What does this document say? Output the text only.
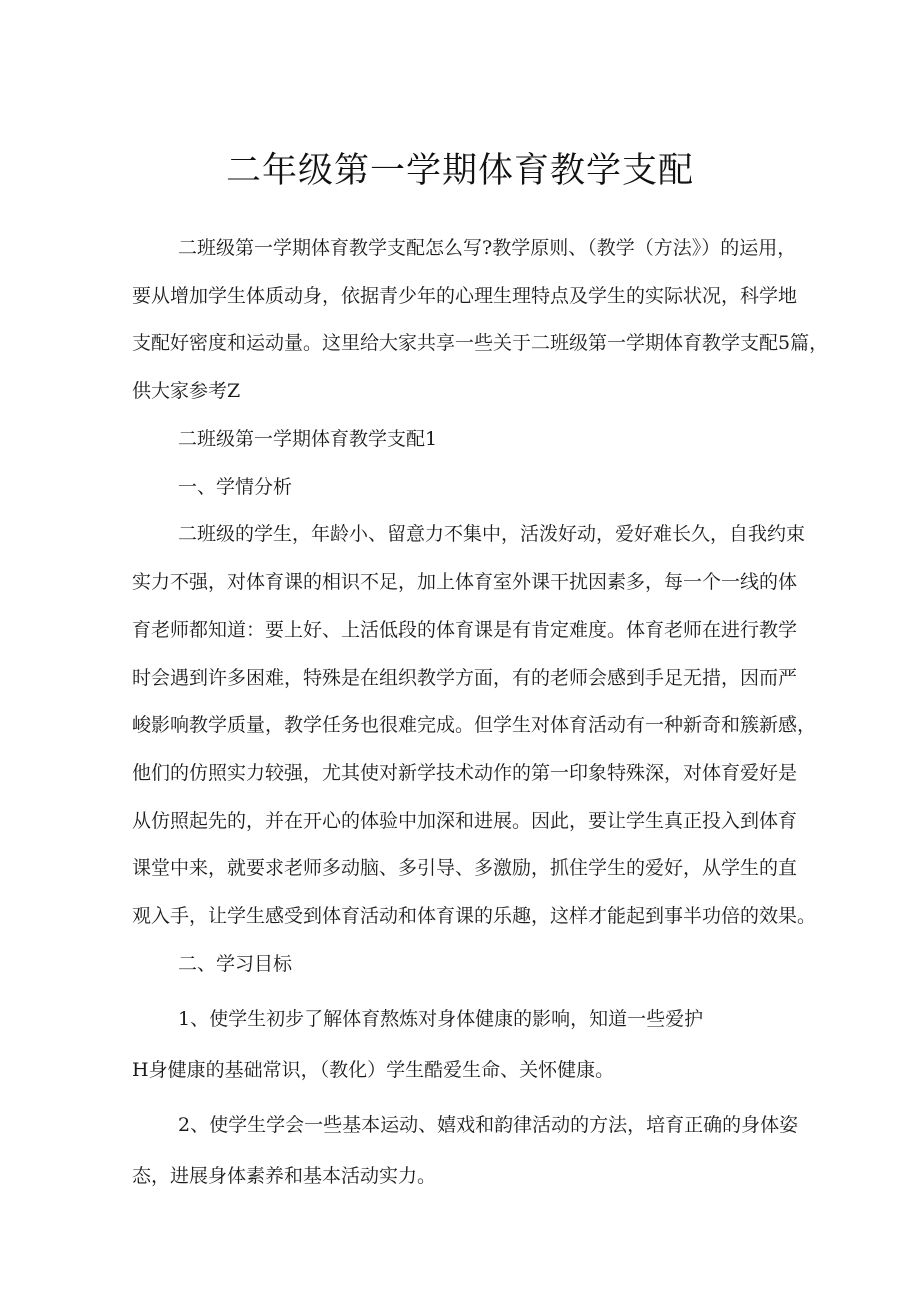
二年级第一学期体育教学支配
二班级第一学期体育教学支配怎么写?教学原则、（教学（方法》）的运用，
要从增加学生体质动身，依据青少年的心理生理特点及学生的实际状况，科学地
支配好密度和运动量。这里给大家共享一些关于二班级第一学期体育教学支配5篇，
供大家参考Z
二班级第一学期体育教学支配1
一、学情分析
二班级的学生，年龄小、留意力不集中，活泼好动，爱好难长久，自我约束
实力不强，对体育课的相识不足，加上体育室外课干扰因素多，每一个一线的体
育老师都知道：要上好、上活低段的体育课是有肯定难度。体育老师在进行教学
时会遇到许多困难，特殊是在组织教学方面，有的老师会感到手足无措，因而严
峻影响教学质量，教学任务也很难完成。但学生对体育活动有一种新奇和簇新感，
他们的仿照实力较强，尤其使对新学技术动作的第一印象特殊深，对体育爱好是
从仿照起先的，并在开心的体验中加深和进展。因此，要让学生真正投入到体育
课堂中来，就要求老师多动脑、多引导、多激励，抓住学生的爱好，从学生的直
观入手，让学生感受到体育活动和体育课的乐趣，这样才能起到事半功倍的效果。
二、学习目标
1、使学生初步了解体育熬炼对身体健康的影响，知道一些爱护
H身健康的基础常识，（教化）学生酷爱生命、关怀健康。
2、使学生学会一些基本运动、嬉戏和韵律活动的方法，培育正确的身体姿
态，进展身体素养和基本活动实力。
